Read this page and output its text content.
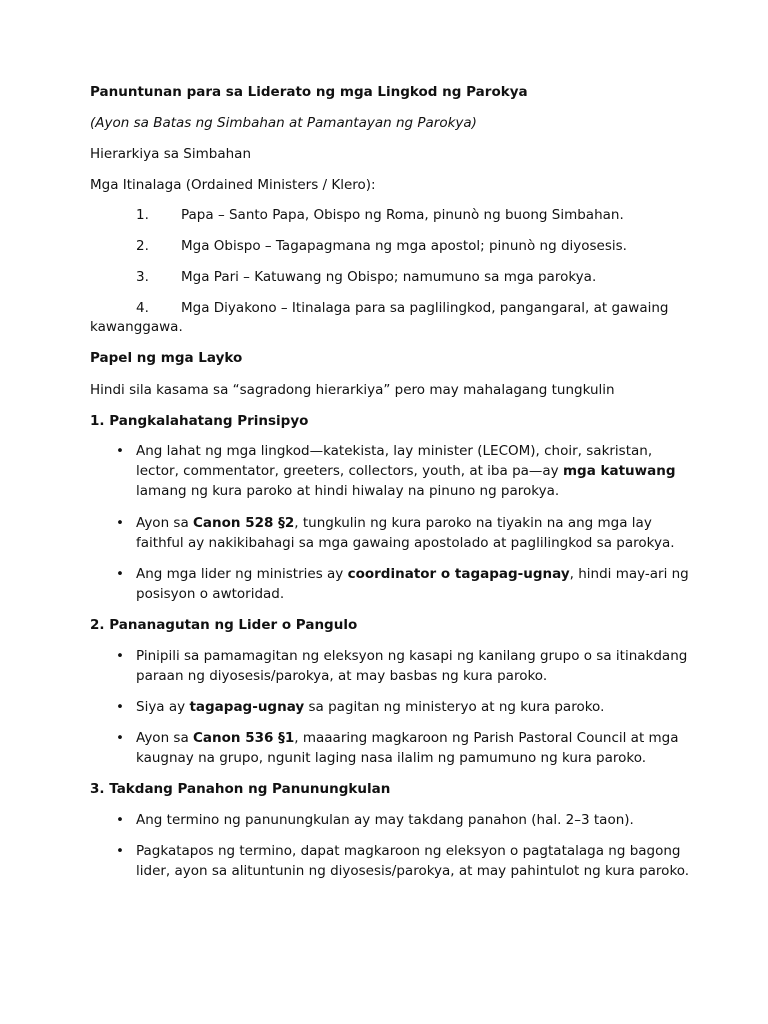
Panuntunan para sa Liderato ng mga Lingkod ng Parokya
(Ayon sa Batas ng Simbahan at Pamantayan ng Parokya)
Hierarkiya sa Simbahan
Mga Itinalaga (Ordained Ministers / Klero):
1. Papa – Santo Papa, Obispo ng Roma, pinunò ng buong Simbahan.
2. Mga Obispo – Tagapagmana ng mga apostol; pinunò ng diyosesis.
3. Mga Pari – Katuwang ng Obispo; namumuno sa mga parokya.
4. Mga Diyakono – Itinalaga para sa paglilingkod, pangangaral, at gawaing
kawanggawa.
Papel ng mga Layko
Hindi sila kasama sa “sagradong hierarkiya” pero may mahalagang tungkulin
1. Pangkalahatang Prinsipyo
• Ang lahat ng mga lingkod—katekista, lay minister (LECOM), choir, sakristan, lector, commentator, greeters, collectors, youth, at iba pa—ay mga katuwang lamang ng kura paroko at hindi hiwalay na pinuno ng parokya.
• Ayon sa Canon 528 §2, tungkulin ng kura paroko na tiyakin na ang mga lay faithful ay nakikibahagi sa mga gawaing apostolado at paglilingkod sa parokya.
• Ang mga lider ng ministries ay coordinator o tagapag-ugnay, hindi may-ari ng posisyon o awtoridad.
2. Pananagutan ng Lider o Pangulo
• Pinipili sa pamamagitan ng eleksyon ng kasapi ng kanilang grupo o sa itinakdang paraan ng diyosesis/parokya, at may basbas ng kura paroko.
• Siya ay tagapag-ugnay sa pagitan ng ministeryo at ng kura paroko.
• Ayon sa Canon 536 §1, maaaring magkaroon ng Parish Pastoral Council at mga kaugnay na grupo, ngunit laging nasa ilalim ng pamumuno ng kura paroko.
3. Takdang Panahon ng Panunungkulan
• Ang termino ng panunungkulan ay may takdang panahon (hal. 2–3 taon).
• Pagkatapos ng termino, dapat magkaroon ng eleksyon o pagtatalaga ng bagong lider, ayon sa alituntunin ng diyosesis/parokya, at may pahintulot ng kura paroko.
